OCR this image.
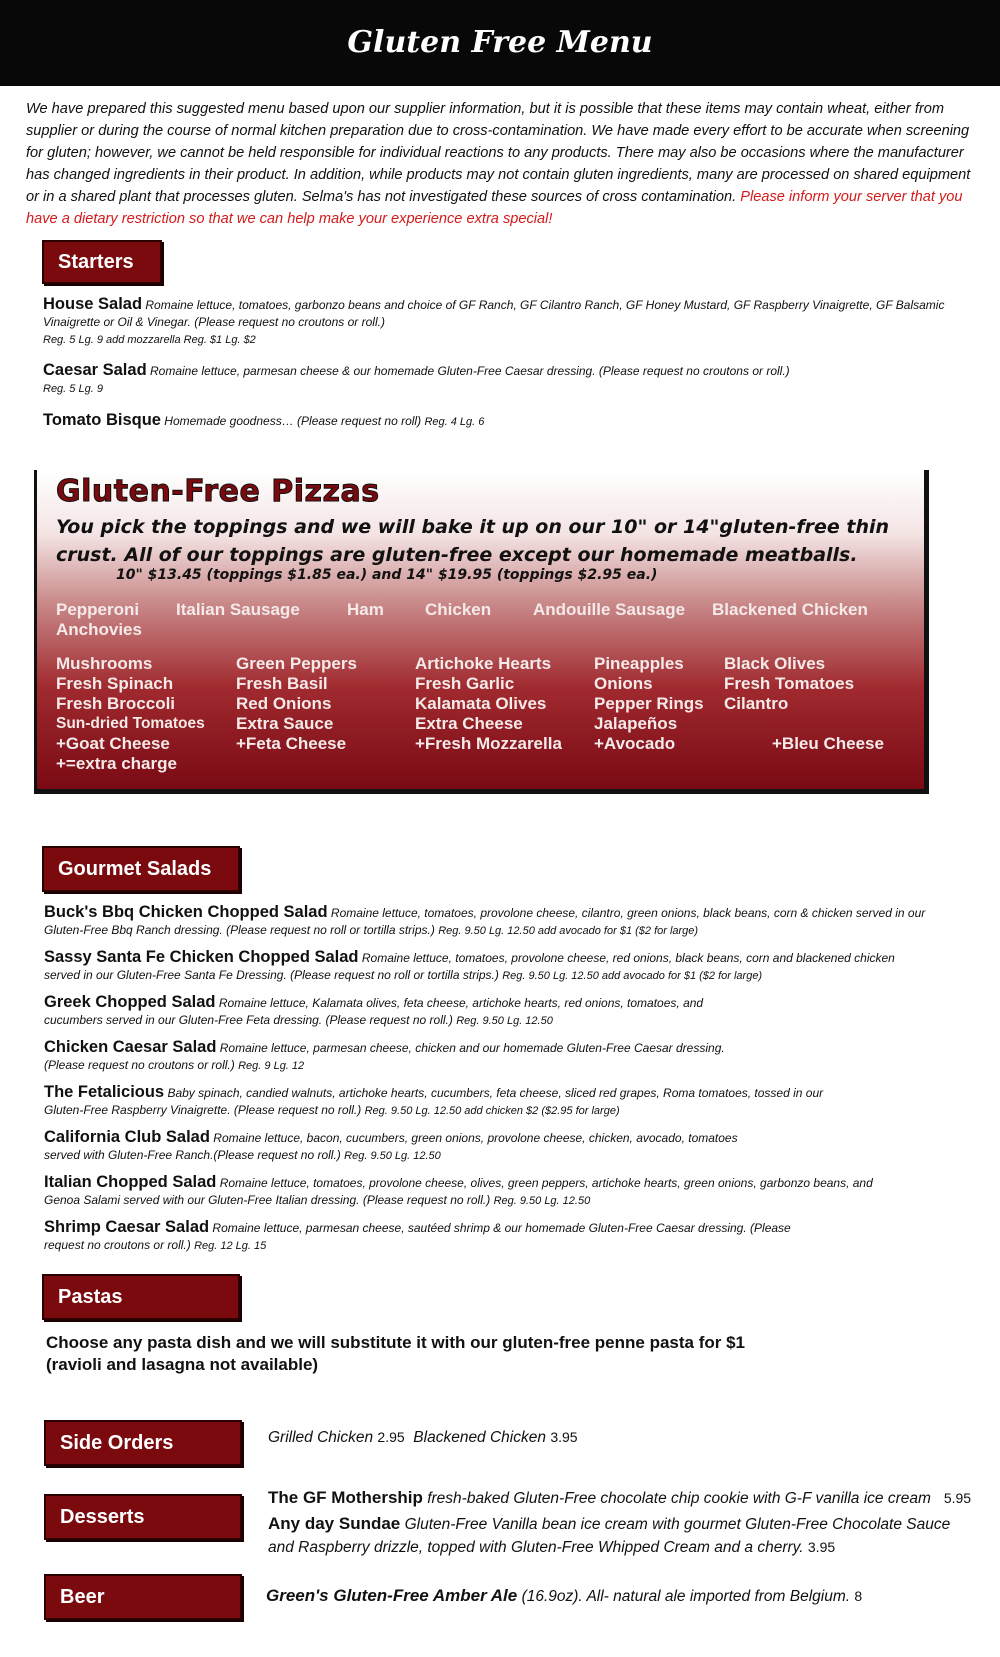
Gluten Free Menu
We have prepared this suggested menu based upon our supplier information, but it is possible that these items may contain wheat, either from supplier or during the course of normal kitchen preparation due to cross-contamination. We have made every effort to be accurate when screening for gluten; however, we cannot be held responsible for individual reactions to any products. There may also be occasions where the manufacturer has changed ingredients in their product. In addition, while products may not contain gluten ingredients, many are processed on shared equipment or in a shared plant that processes gluten. Selma's has not investigated these sources of cross contamination. Please inform your server that you have a dietary restriction so that we can help make your experience extra special!
Starters
House Salad Romaine lettuce, tomatoes, garbonzo beans and choice of GF Ranch, GF Cilantro Ranch, GF Honey Mustard, GF Raspberry Vinaigrette, GF Balsamic Vinaigrette or Oil & Vinegar. (Please request no croutons or roll.)
Reg. 5 Lg. 9 add mozzarella Reg. $1 Lg. $2
Caesar Salad Romaine lettuce, parmesan cheese & our homemade Gluten-Free Caesar dressing. (Please request no croutons or roll.)
Reg. 5 Lg. 9
Tomato Bisque Homemade goodness… (Please request no roll) Reg. 4 Lg. 6
Gluten-Free Pizzas
You pick the toppings and we will bake it up on our 10" or 14"gluten-free thin crust. All of our toppings are gluten-free except our homemade meatballs.
10" $13.45 (toppings $1.85 ea.) and 14" $19.95 (toppings $2.95 ea.)
Pepperoni Italian Sausage	Ham Chicken Andouille Sausage Blackened Chicken
Anchovies
Mushrooms
Fresh Spinach
Fresh Broccoli
Sun-dried Tomatoes
+Goat Cheese
+=extra charge
Green Peppers
Fresh Basil
Red Onions
Extra Sauce
+Feta Cheese
Artichoke Hearts
Fresh Garlic
Kalamata Olives
Extra Cheese
+Fresh Mozzarella
Pineapples
Onions
Pepper Rings
Jalapeños
+Avocado
Black Olives
Fresh Tomatoes
Cilantro
+Bleu Cheese
Gourmet Salads
Buck's Bbq Chicken Chopped Salad Romaine lettuce, tomatoes, provolone cheese, cilantro, green onions, black beans, corn & chicken served in our Gluten-Free Bbq Ranch dressing. (Please request no roll or tortilla strips.) Reg. 9.50 Lg. 12.50 add avocado for $1 ($2 for large)
Sassy Santa Fe Chicken Chopped Salad Romaine lettuce, tomatoes, provolone cheese, red onions, black beans, corn and blackened chicken served in our Gluten-Free Santa Fe Dressing. (Please request no roll or tortilla strips.) Reg. 9.50 Lg. 12.50 add avocado for $1 ($2 for large)
Greek Chopped Salad Romaine lettuce, Kalamata olives, feta cheese, artichoke hearts, red onions, tomatoes, and cucumbers served in our Gluten-Free Feta dressing. (Please request no roll.) Reg. 9.50 Lg. 12.50
Chicken Caesar Salad Romaine lettuce, parmesan cheese, chicken and our homemade Gluten-Free Caesar dressing. (Please request no croutons or roll.) Reg. 9 Lg. 12
The Fetalicious Baby spinach, candied walnuts, artichoke hearts, cucumbers, feta cheese, sliced red grapes, Roma tomatoes, tossed in our Gluten-Free Raspberry Vinaigrette. (Please request no roll.) Reg. 9.50 Lg. 12.50 add chicken $2 ($2.95 for large)
California Club Salad Romaine lettuce, bacon, cucumbers, green onions, provolone cheese, chicken, avocado, tomatoes served with Gluten-Free Ranch.(Please request no roll.) Reg. 9.50 Lg. 12.50
Italian Chopped Salad Romaine lettuce, tomatoes, provolone cheese, olives, green peppers, artichoke hearts, green onions, garbonzo beans, and Genoa Salami served with our Gluten-Free Italian dressing. (Please request no roll.) Reg. 9.50 Lg. 12.50
Shrimp Caesar Salad Romaine lettuce, parmesan cheese, sautéed shrimp & our homemade Gluten-Free Caesar dressing. (Please request no croutons or roll.) Reg. 12 Lg. 15
Pastas
Choose any pasta dish and we will substitute it with our gluten-free penne pasta for $1
(ravioli and lasagna not available)
Side Orders	Grilled Chicken 2.95 Blackened Chicken 3.95
Desserts
The GF Mothership fresh-baked Gluten-Free chocolate chip cookie with G-F vanilla ice cream 5.95
Any day Sundae Gluten-Free Vanilla bean ice cream with gourmet Gluten-Free Chocolate Sauce and Raspberry drizzle, topped with Gluten-Free Whipped Cream and a cherry. 3.95
Beer	Green's Gluten-Free Amber Ale (16.9oz). All- natural ale imported from Belgium. 8
